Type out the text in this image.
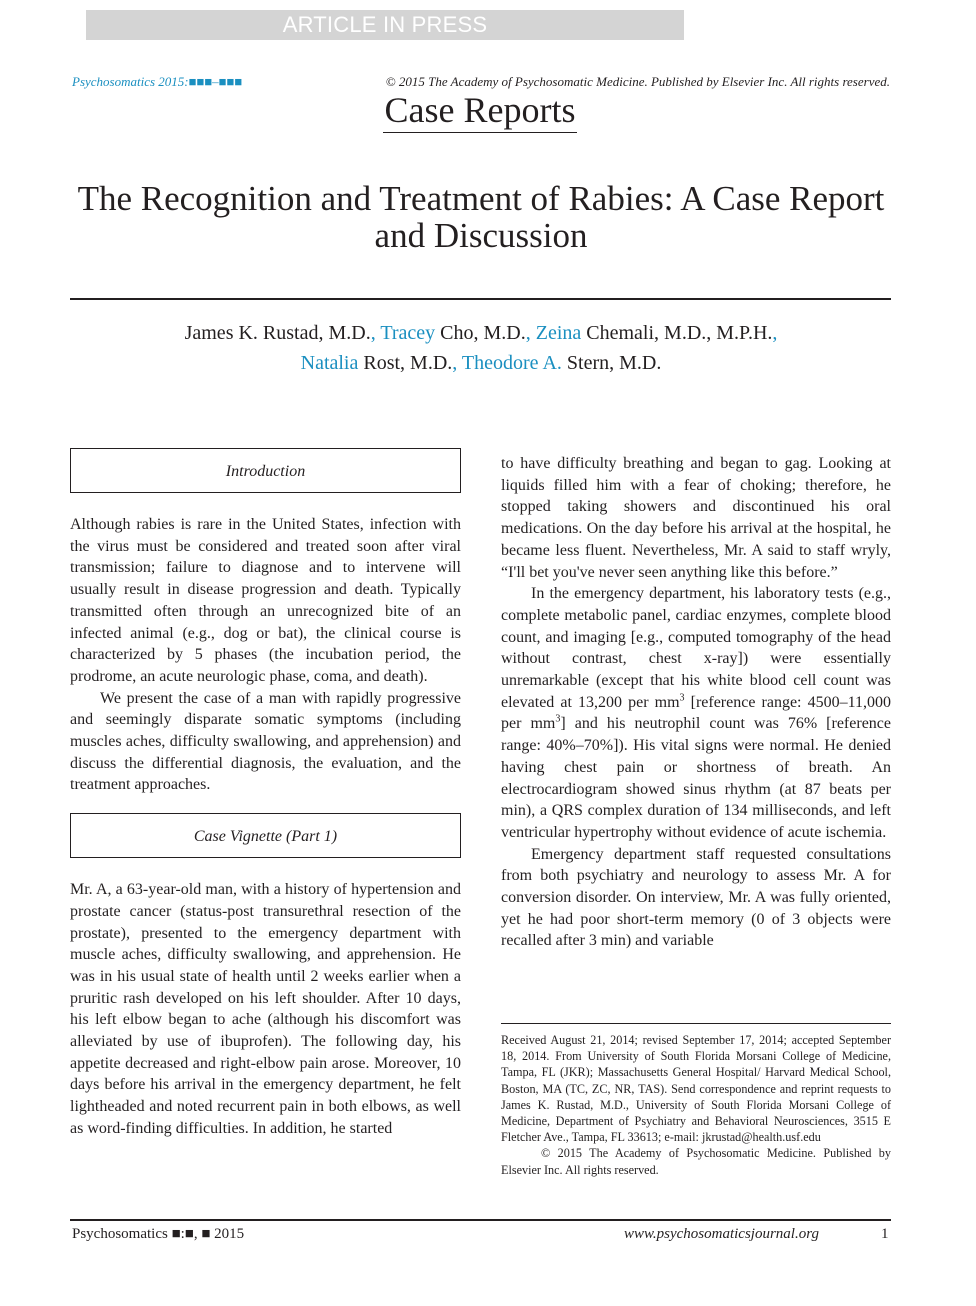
ARTICLE IN PRESS
Psychosomatics 2015:■■■–■■■	© 2015 The Academy of Psychosomatic Medicine. Published by Elsevier Inc. All rights reserved.
Case Reports
The Recognition and Treatment of Rabies: A Case Report and Discussion
James K. Rustad, M.D., Tracey Cho, M.D., Zeina Chemali, M.D., M.P.H.,
Natalia Rost, M.D., Theodore A. Stern, M.D.
Introduction

Although rabies is rare in the United States, infection with the virus must be considered and treated soon after viral transmission; failure to diagnose and to intervene will usually result in disease progression and death. Typically transmitted often through an unrecognized bite of an infected animal (e.g., dog or bat), the clinical course is characterized by 5 phases (the incubation period, the prodrome, an acute neurologic phase, coma, and death).

We present the case of a man with rapidly progressive and seemingly disparate somatic symptoms (including muscles aches, difficulty swallowing, and apprehension) and discuss the differential diagnosis, the evaluation, and the treatment approaches.

Case Vignette (Part 1)

Mr. A, a 63-year-old man, with a history of hypertension and prostate cancer (status-post transurethral resection of the prostate), presented to the emergency department with muscle aches, difficulty swallowing, and apprehension. He was in his usual state of health until 2 weeks earlier when a pruritic rash developed on his left shoulder. After 10 days, his left elbow began to ache (although his discomfort was alleviated by use of ibuprofen). The following day, his appetite decreased and right-elbow pain arose. Moreover, 10 days before his arrival in the emergency department, he felt lightheaded and noted recurrent pain in both elbows, as well as word-finding difficulties. In addition, he started

to have difficulty breathing and began to gag. Looking at liquids filled him with a fear of choking; therefore, he stopped taking showers and discontinued his oral medications. On the day before his arrival at the hospital, he became less fluent. Nevertheless, Mr. A said to staff wryly, “I'll bet you've never seen anything like this before.”

In the emergency department, his laboratory tests (e.g., complete metabolic panel, cardiac enzymes, complete blood count, and imaging [e.g., computed tomography of the head without contrast, chest x-ray]) were essentially unremarkable (except that his white blood cell count was elevated at 13,200 per $mm^3$ [reference range: 4500–11,000 per $mm^3$] and his neutrophil count was 76% [reference range: 40%–70%]). His vital signs were normal. He denied having chest pain or shortness of breath. An electrocardiogram showed sinus rhythm (at 87 beats per min), a QRS complex duration of 134 milliseconds, and left ventricular hypertrophy without evidence of acute ischemia.

Emergency department staff requested consultations from both psychiatry and neurology to assess Mr. A for conversion disorder. On interview, Mr. A was fully oriented, yet he had poor short-term memory (0 of 3 objects were recalled after 3 min) and variable

Received August 21, 2014; revised September 17, 2014; accepted September 18, 2014. From University of South Florida Morsani College of Medicine, Tampa, FL (JKR); Massachusetts General Hospital/ Harvard Medical School, Boston, MA (TC, ZC, NR, TAS). Send correspondence and reprint requests to James K. Rustad, M.D., University of South Florida Morsani College of Medicine, Department of Psychiatry and Behavioral Neurosciences, 3515 E Fletcher Ave., Tampa, FL 33613; e-mail: jkrustad@health.usf.edu

© 2015 The Academy of Psychosomatic Medicine. Published by Elsevier Inc. All rights reserved.

Psychosomatics ■:■, ■ 2015	www.psychosomaticsjournal.org	1
